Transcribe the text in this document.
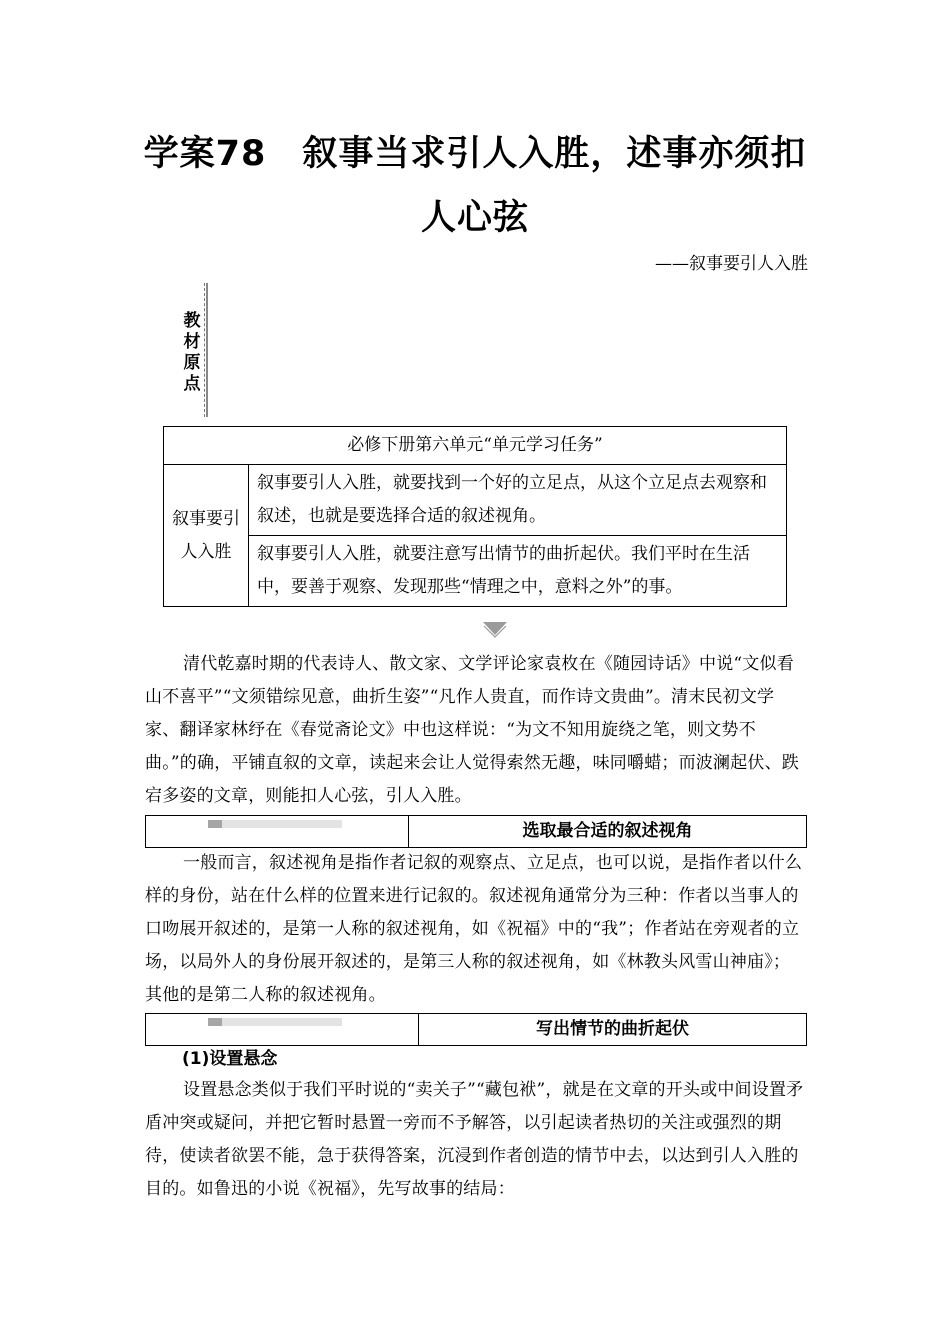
学案78　叙事当求引人入胜，述事亦须扣
人心弦
——叙事要引人入胜
教
材
原
点
必修下册第六单元“单元学习任务”
叙事要引人入胜	叙事要引人入胜，就要找到一个好的立足点，从这个立足点去观察和叙述，也就是要选择合适的叙述视角。
叙事要引人入胜，就要注意写出情节的曲折起伏。我们平时在生活中，要善于观察、发现那些“情理之中，意料之外”的事。

清代乾嘉时期的代表诗人、散文家、文学评论家袁枚在《随园诗话》中说“文似看山不喜平”“文须错综见意，曲折生姿”“凡作人贵直，而作诗文贵曲”。清末民初文学家、翻译家林纾在《春觉斋论文》中也这样说：“为文不知用旋绕之笔，则文势不曲。”的确，平铺直叙的文章，读起来会让人觉得索然无趣，味同嚼蜡；而波澜起伏、跌宕多姿的文章，则能扣人心弦，引人入胜。

选取最合适的叙述视角

一般而言，叙述视角是指作者记叙的观察点、立足点，也可以说，是指作者以什么样的身份，站在什么样的位置来进行记叙的。叙述视角通常分为三种：作者以当事人的口吻展开叙述的，是第一人称的叙述视角，如《祝福》中的“我”；作者站在旁观者的立场，以局外人的身份展开叙述的，是第三人称的叙述视角，如《林教头风雪山神庙》；其他的是第二人称的叙述视角。

写出情节的曲折起伏
(1)设置悬念

设置悬念类似于我们平时说的“卖关子”“藏包袱”，就是在文章的开头或中间设置矛盾冲突或疑问，并把它暂时悬置一旁而不予解答，以引起读者热切的关注或强烈的期待，使读者欲罢不能，急于获得答案，沉浸到作者创造的情节中去，以达到引人入胜的目的。如鲁迅的小说《祝福》，先写故事的结局：
